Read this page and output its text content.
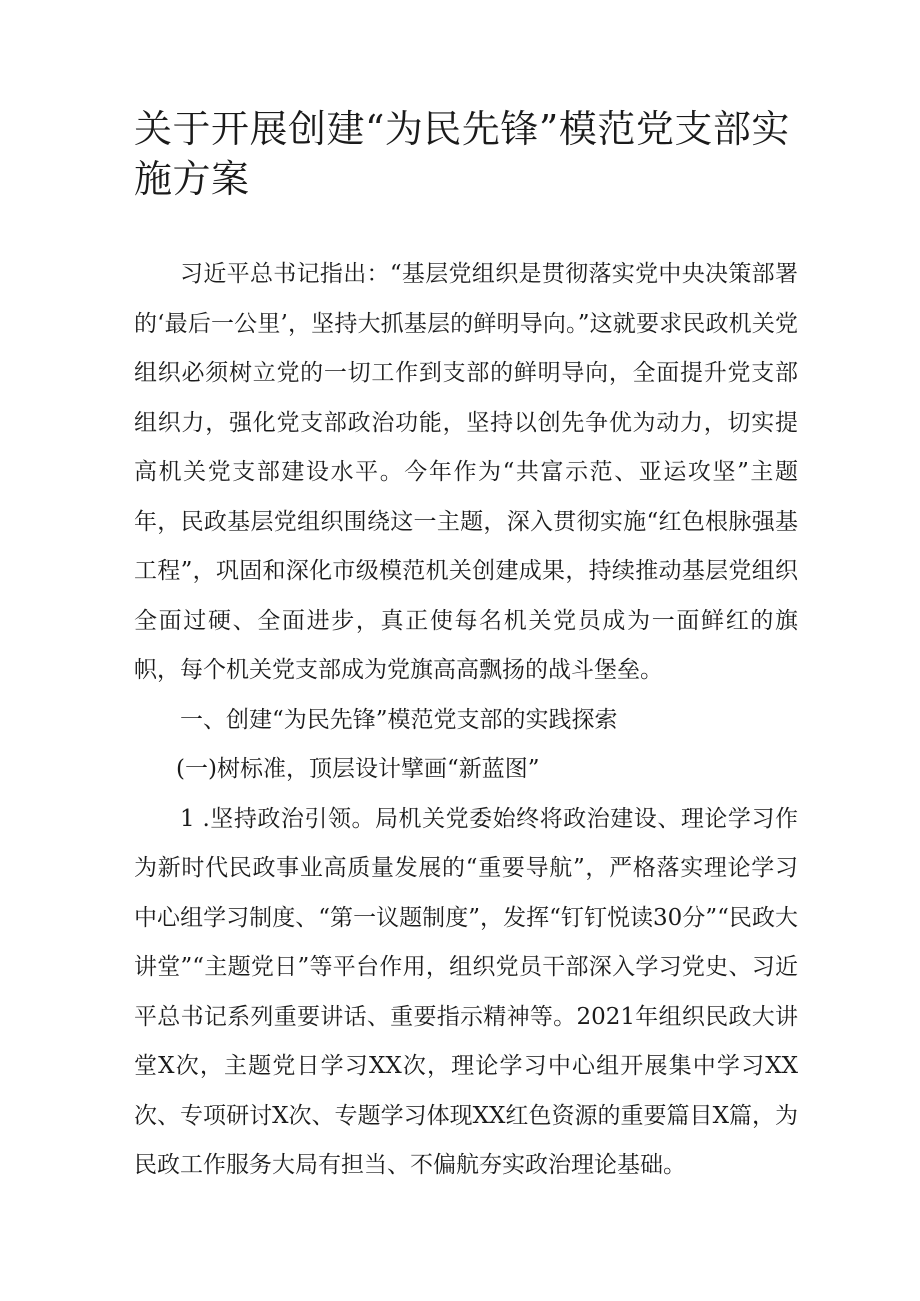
关于开展创建“为民先锋”模范党支部实施方案

习近平总书记指出：“基层党组织是贯彻落实党中央决策部署的‘最后一公里’，坚持大抓基层的鲜明导向。”这就要求民政机关党组织必须树立党的一切工作到支部的鲜明导向，全面提升党支部组织力，强化党支部政治功能，坚持以创先争优为动力，切实提高机关党支部建设水平。今年作为“共富示范、亚运攻坚”主题年，民政基层党组织围绕这一主题，深入贯彻实施“红色根脉强基工程”，巩固和深化市级模范机关创建成果，持续推动基层党组织全面过硬、全面进步，真正使每名机关党员成为一面鲜红的旗帜，每个机关党支部成为党旗高高飘扬的战斗堡垒。

一、创建“为民先锋”模范党支部的实践探索

(一)树标准，顶层设计擘画“新蓝图”

1 .坚持政治引领。局机关党委始终将政治建设、理论学习作为新时代民政事业高质量发展的“重要导航”，严格落实理论学习中心组学习制度、“第一议题制度”，发挥“钉钉悦读30分”“民政大讲堂”“主题党日”等平台作用，组织党员干部深入学习党史、习近平总书记系列重要讲话、重要指示精神等。2021年组织民政大讲堂X次，主题党日学习XX次，理论学习中心组开展集中学习XX次、专项研讨X次、专题学习体现XX红色资源的重要篇目X篇，为民政工作服务大局有担当、不偏航夯实政治理论基础。
